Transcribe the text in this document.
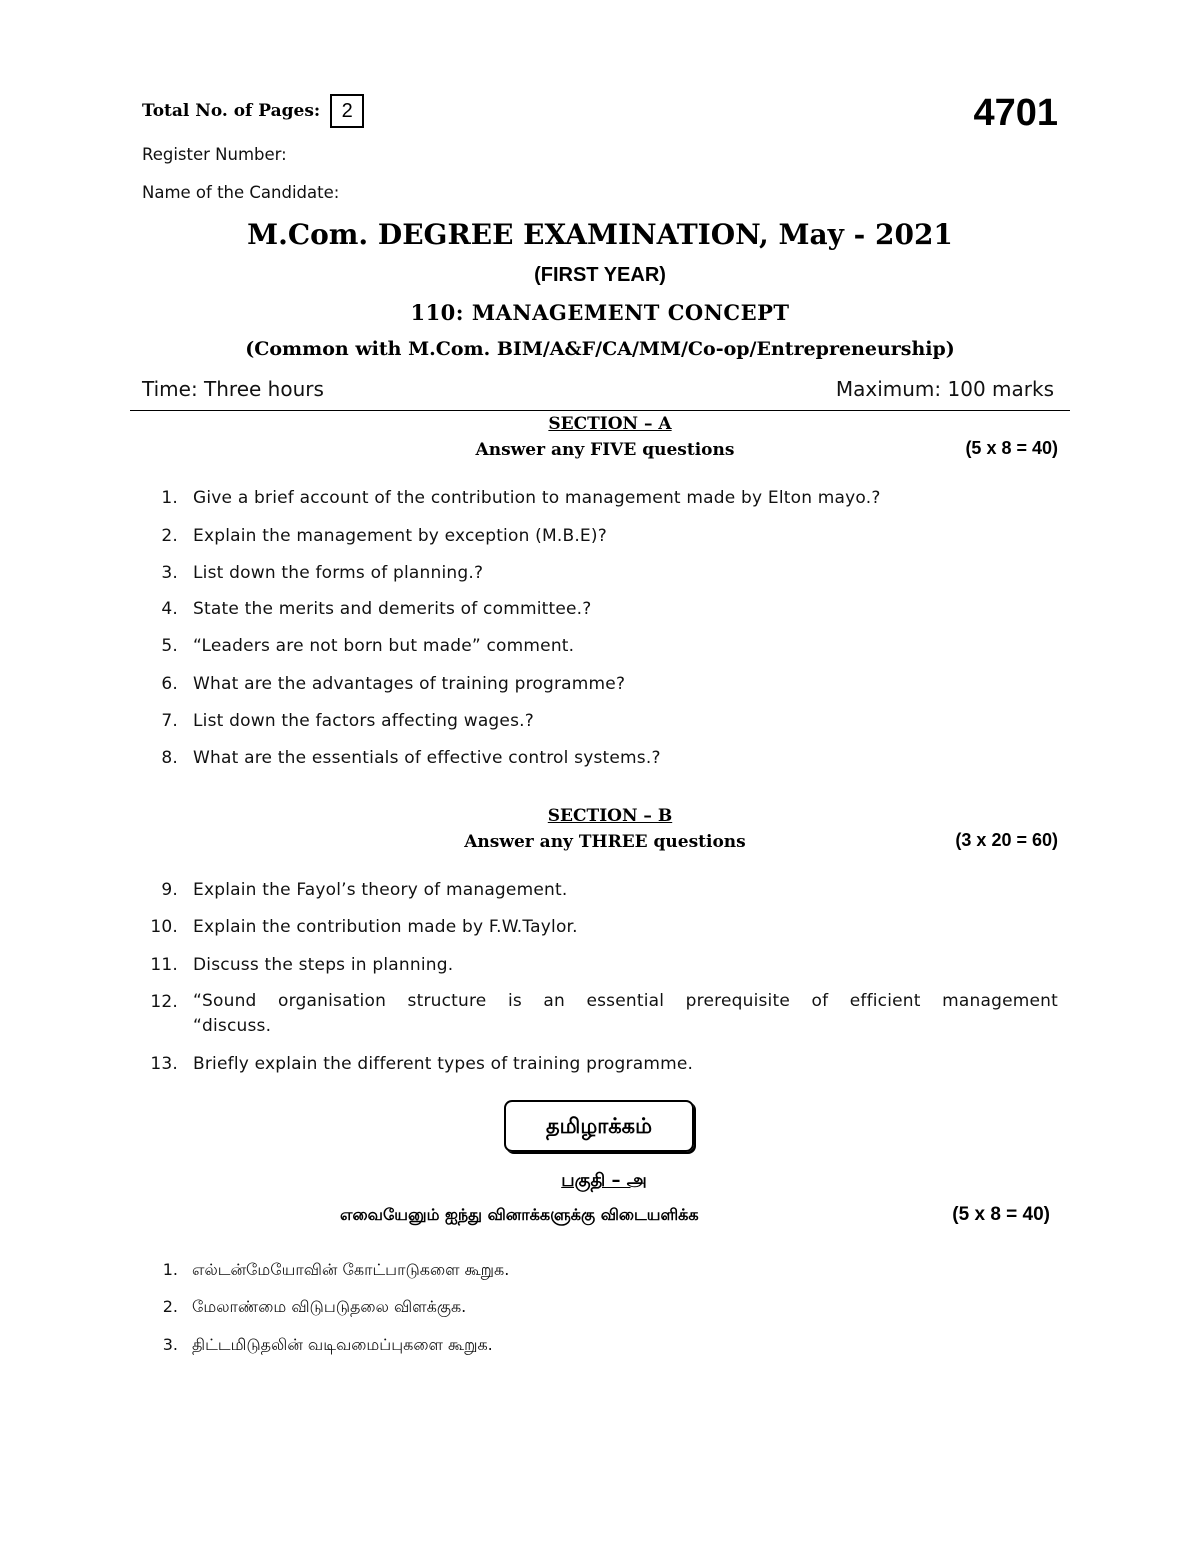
Total No. of Pages:	2	4701
Register Number:
Name of the Candidate:
M.Com. DEGREE EXAMINATION, May - 2021
(FIRST YEAR)
110: MANAGEMENT CONCEPT
(Common with M.Com. BIM/A&F/CA/MM/Co-op/Entrepreneurship)
Time: Three hours	Maximum: 100 marks
SECTION – A
Answer any FIVE questions	(5 x 8 = 40)
1. Give a brief account of the contribution to management made by Elton mayo.?
2. Explain the management by exception (M.B.E)?
3. List down the forms of planning.?
4. State the merits and demerits of committee.?
5. “Leaders are not born but made” comment.
6. What are the advantages of training programme?
7. List down the factors affecting wages.?
8. What are the essentials of effective control systems.?
SECTION – B
Answer any THREE questions	(3 x 20 = 60)
9. Explain the Fayol’s theory of management.
10. Explain the contribution made by F.W.Taylor.
11. Discuss the steps in planning.
12. “Sound organisation structure is an essential prerequisite of efficient management “discuss.
13. Briefly explain the different types of training programme.
தமிழாக்கம்
பகுதி – அ
எவையேனும் ஐந்து வினாக்களுக்கு விடையளிக்க	(5 x 8 = 40)
1. எல்டன்மேயோவின் கோட்பாடுகளை கூறுக.
2. மேலாண்மை விடுபடுதலை விளக்குக.
3. திட்டமிடுதலின் வடிவமைப்புகளை கூறுக.
